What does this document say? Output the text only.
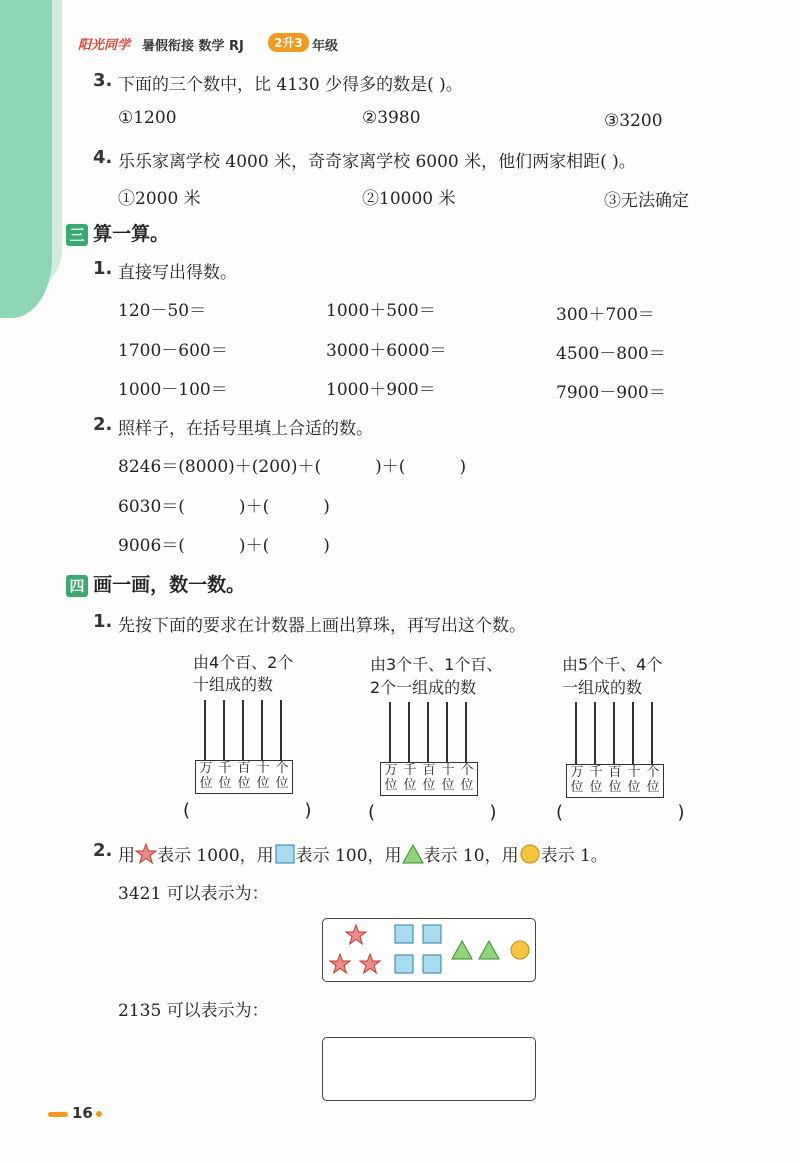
阳光同学 暑假衔接 数学 RJ	2升3 年级
3. 下面的三个数中，比 4130 少得多的数是( )。
①1200	②3980	③3200
4. 乐乐家离学校 4000 米，奇奇家离学校 6000 米，他们两家相距( )。
①2000 米	②10000 米	③无法确定
三 算一算。
1. 直接写出得数。
120－50＝	1000＋500＝	300＋700＝
1700－600＝	3000＋6000＝	4500－800＝
1000－100＝	1000＋900＝	7900－900＝
2. 照样子，在括号里填上合适的数。
8246＝(8000)＋(200)＋(          )＋(          )
6030＝(          )＋(          )
9006＝(          )＋(          )
四 画一画，数一数。
1. 先按下面的要求在计数器上画出算珠，再写出这个数。
由4个百、2个
十组成的数
万 千 百 十 个
位 位 位 位 位
(                    )
由3个千、1个百、
2个一组成的数
万 千 百 十 个
位 位 位 位 位
(                    )
由5个千、4个
一组成的数
万 千 百 十 个
位 位 位 位 位
(                    )
2. 用 表示 1000，用 表示 100，用 表示 10，用 表示 1。
3421 可以表示为：
2135 可以表示为：
16
